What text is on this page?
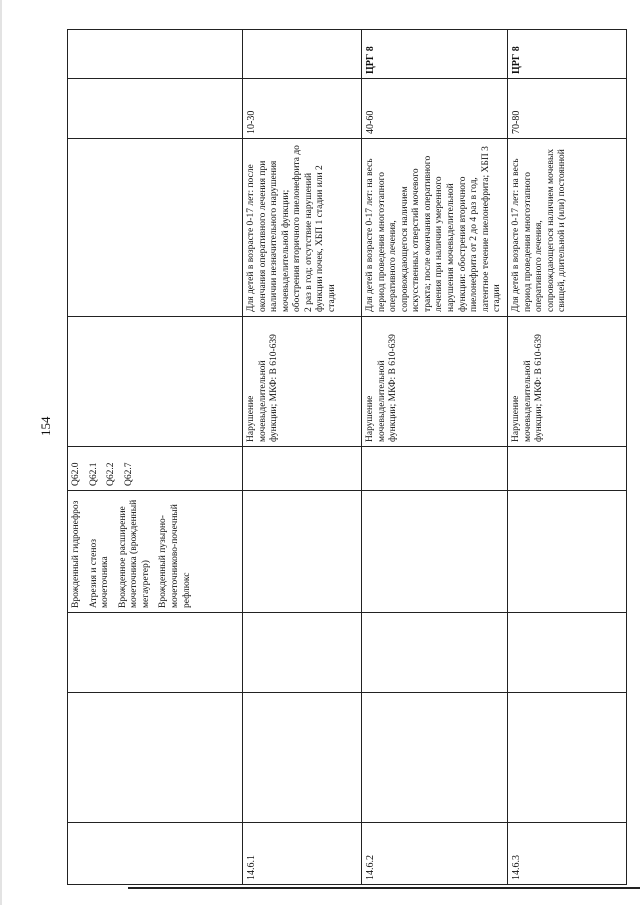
154

			Врожденный гидронефроз Атрезия и стеноз мочеточника Врожденное расширение мочеточника (врожденный мегауретер) Врожденный пузырно-мочеточниково-почечный рефлюкс	Q62.0 Q62.1 Q62.2 Q62.7				

14.6.1					Нарушение мочевыделительной функции; МКФ: В 610-639	Для детей в возрасте 0-17 лет: после окончания оперативного лечения при наличии незначительного нарушения мочевыделительной функции; обострения вторичного пиелонефрита до 2 раз в год; отсутствие нарушений функции почек, ХБП 1 стадии или 2 стадии	10-30	
14.6.2					Нарушение мочевыделительной функции; МКФ: В 610-639	Для детей в возрасте 0-17 лет: на весь период проведения многоэтапного оперативного лечения, сопровождающегося наличием искусственных отверстий мочевого тракта; после окончания оперативного лечения при наличии умеренного нарушения мочевыделительной функции: обострения вторичного пиелонефрита от 2 до 4 раз в год, латентное течение пиелонефрита; ХБП 3 стадии	40-60	ЦРГ 8
14.6.3					Нарушение мочевыделительной функции; МКФ: В 610-639	Для детей в возрасте 0-17 лет: на весь период проведения многоэтапного оперативного лечения, сопровождающегося наличием мочевых свищей, длительной и (или) постоянной	70-80	ЦРГ 8
